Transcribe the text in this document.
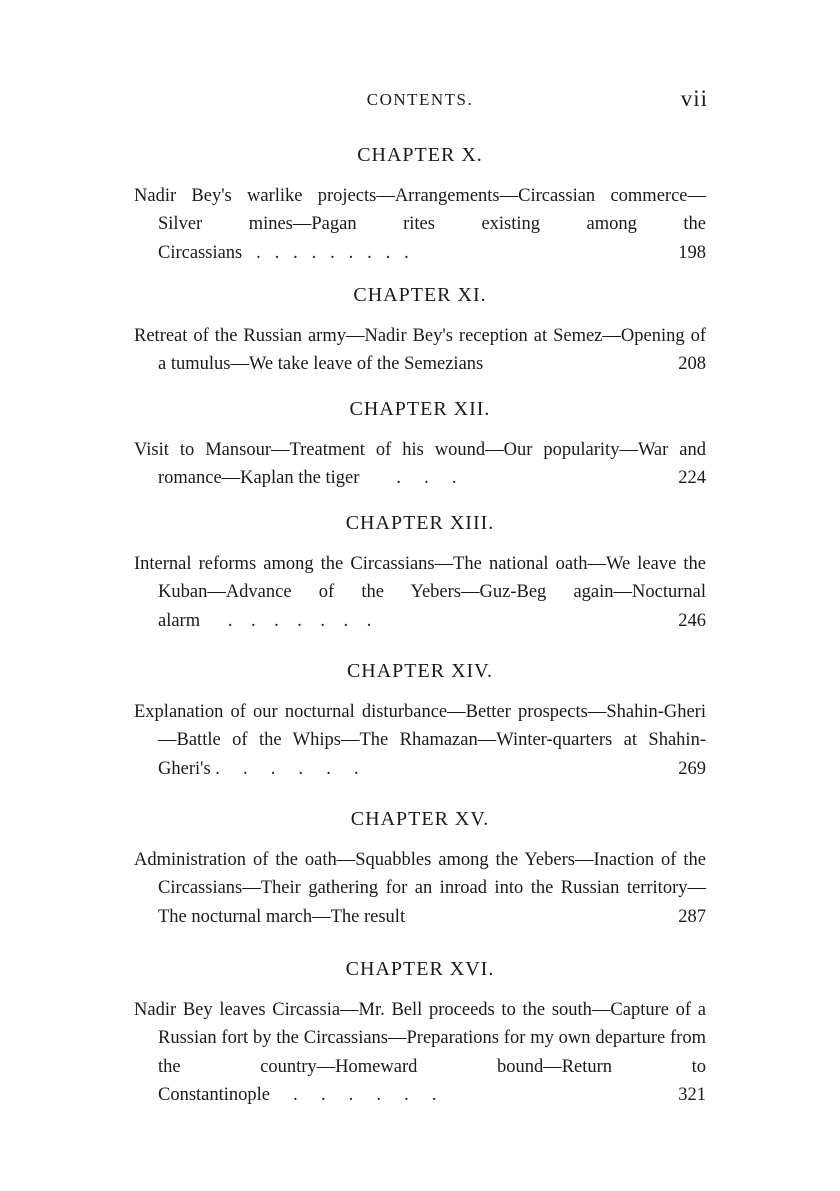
CONTENTS.	vii
CHAPTER X.

Nadir Bey's warlike projects—Arrangements—Circassian commerce—Silver mines—Pagan rites existing among the Circassians   .   .   .   .   .   .   .   .   .	198

CHAPTER XI.

Retreat of the Russian army—Nadir Bey's reception at Semez—Opening of a tumulus—We take leave of the Semezians	208

CHAPTER XII.

Visit to Mansour—Treatment of his wound—Our popularity—War and romance—Kaplan the tiger        .     .     .	224

CHAPTER XIII.

Internal reforms among the Circassians—The national oath—We leave the Kuban—Advance of the Yebers—Guz-Beg again—Nocturnal alarm      .    .    .    .    .    .    .	246

CHAPTER XIV.

Explanation of our nocturnal disturbance—Better prospects—Shahin-Gheri—Battle of the Whips—The Rhamazan—Winter-quarters at Shahin-Gheri's .     .     .     .     .     .	269

CHAPTER XV.

Administration of the oath—Squabbles among the Yebers—Inaction of the Circassians—Their gathering for an inroad into the Russian territory—The nocturnal march—The result	287

CHAPTER XVI.

Nadir Bey leaves Circassia—Mr. Bell proceeds to the south—Capture of a Russian fort by the Circassians—Preparations for my own departure from the country—Homeward bound—Return to Constantinople     .     .     .     .     .     .	321
